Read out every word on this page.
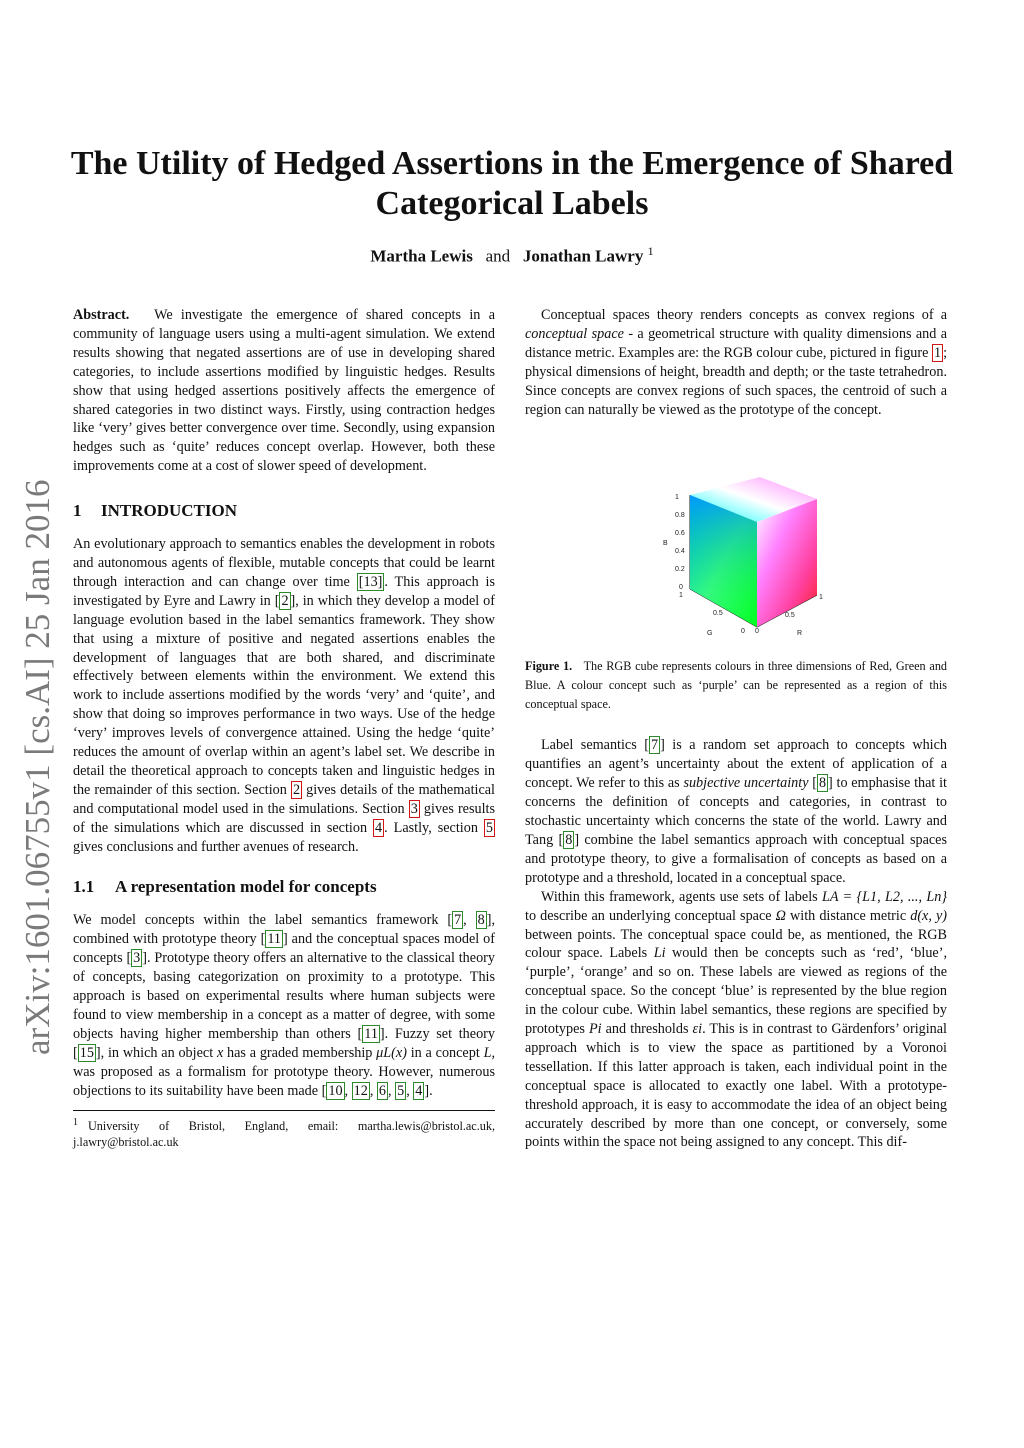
arXiv:1601.06755v1 [cs.AI] 25 Jan 2016
The Utility of Hedged Assertions in the Emergence of Shared Categorical Labels
Martha Lewis and Jonathan Lawry $^1$

Abstract. We investigate the emergence of shared concepts in a community of language users using a multi-agent simulation. We extend results showing that negated assertions are of use in developing shared categories, to include assertions modified by linguistic hedges. Results show that using hedged assertions positively affects the emergence of shared categories in two distinct ways. Firstly, using contraction hedges like ‘very’ gives better convergence over time. Secondly, using expansion hedges such as ‘quite’ reduces concept overlap. However, both these improvements come at a cost of slower speed of development.

1 INTRODUCTION

An evolutionary approach to semantics enables the development in robots and autonomous agents of flexible, mutable concepts that could be learnt through interaction and can change over time [13] . This approach is investigated by Eyre and Lawry in [ 2 ], in which they develop a model of language evolution based in the label semantics framework. They show that using a mixture of positive and negated assertions enables the development of languages that are both shared, and discriminate effectively between elements within the environment. We extend this work to include assertions modified by the words ‘very’ and ‘quite’, and show that doing so improves performance in two ways. Use of the hedge ‘very’ improves levels of convergence attained. Using the hedge ‘quite’ reduces the amount of overlap within an agent’s label set. We describe in detail the theoretical approach to concepts taken and linguistic hedges in the remainder of this section. Section 2 gives details of the mathematical and computational model used in the simulations. Section 3 gives results of the simulations which are discussed in section 4 . Lastly, section 5 gives conclusions and further avenues of research.

1.1 A representation model for concepts

We model concepts within the label semantics framework [ 7 , 8 ], combined with prototype theory [ 11 ] and the conceptual spaces model of concepts [ 3 ]. Prototype theory offers an alternative to the classical theory of concepts, basing categorization on proximity to a prototype. This approach is based on experimental results where human subjects were found to view membership in a concept as a matter of degree, with some objects having higher membership than others [ 11 ]. Fuzzy set theory [ 15 ], in which an object x has a graded membership μL(x) in a concept L, was proposed as a formalism for prototype theory. However, numerous objections to its suitability have been made [ 10 , 12 , 6 , 5 , 4 ].

$^1$ University of Bristol, England, email: martha.lewis@bristol.ac.uk, j.lawry@bristol.ac.uk

Conceptual spaces theory renders concepts as convex regions of a conceptual space - a geometrical structure with quality dimensions and a distance metric. Examples are: the RGB colour cube, pictured in figure 1 ; physical dimensions of height, breadth and depth; or the taste tetrahedron. Since concepts are convex regions of such spaces, the centroid of such a region can naturally be viewed as the prototype of the concept.

1
0.8
0.6
0.4
0.2
0
B
1
0.5
0
G	0
0.5
1
R
Figure 1. The RGB cube represents colours in three dimensions of Red, Green and Blue. A colour concept such as ‘purple’ can be represented as a region of this conceptual space.

Label semantics [ 7 ] is a random set approach to concepts which quantifies an agent’s uncertainty about the extent of application of a concept. We refer to this as subjective uncertainty [ 8 ] to emphasise that it concerns the definition of concepts and categories, in contrast to stochastic uncertainty which concerns the state of the world. Lawry and Tang [ 8 ] combine the label semantics approach with conceptual spaces and prototype theory, to give a formalisation of concepts as based on a prototype and a threshold, located in a conceptual space.

Within this framework, agents use sets of labels LA = {L1, L2, ..., Ln} to describe an underlying conceptual space Ω with distance metric d(x, y) between points. The conceptual space could be, as mentioned, the RGB colour space. Labels Li would then be concepts such as ‘red’, ‘blue’, ‘purple’, ‘orange’ and so on. These labels are viewed as regions of the conceptual space. So the concept ‘blue’ is represented by the blue region in the colour cube. Within label semantics, these regions are specified by prototypes Pi and thresholds εi. This is in contrast to Gärdenfors’ original approach which is to view the space as partitioned by a Voronoi tessellation. If this latter approach is taken, each individual point in the conceptual space is allocated to exactly one label. With a prototype-threshold approach, it is easy to accommodate the idea of an object being accurately described by more than one concept, or conversely, some points within the space not being assigned to any concept. This dif-
